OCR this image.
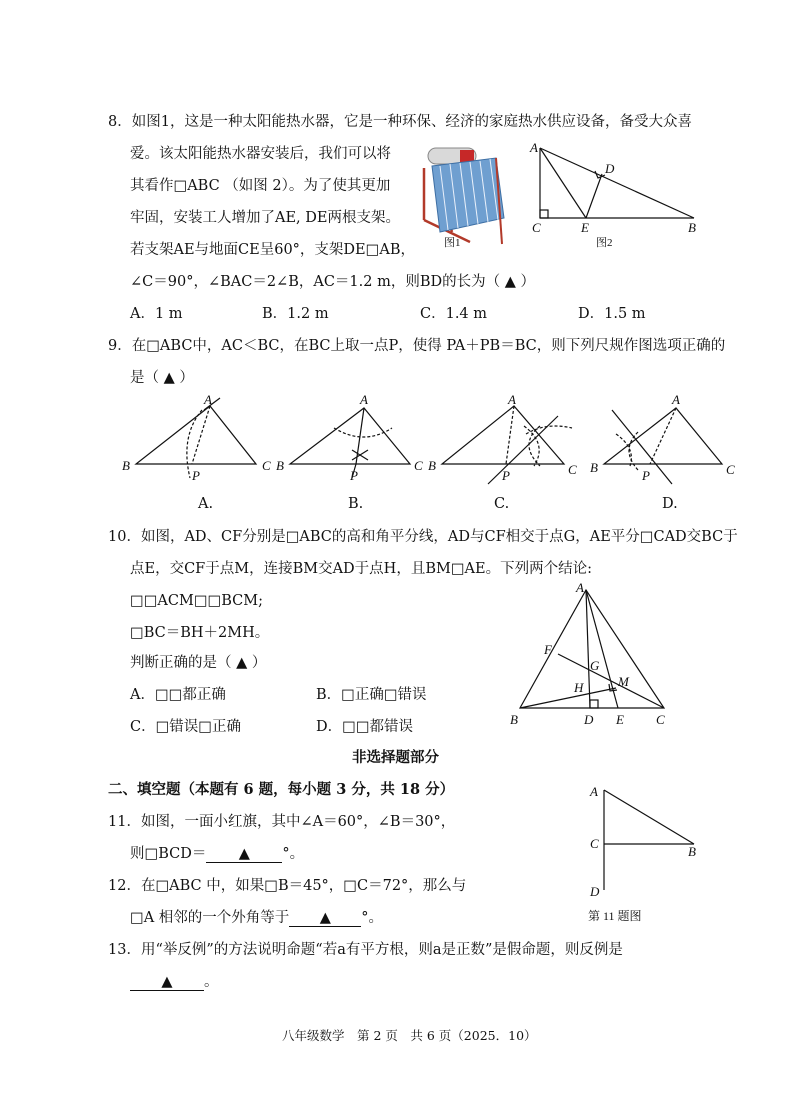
8．如图1，这是一种太阳能热水器，它是一种环保、经济的家庭热水供应设备，备受大众喜
爱。该太阳能热水器安装后，我们可以将
其看作□ABC （如图 2）。为了使其更加
牢固，安装工人增加了AE, DE两根支架。
若支架AE与地面CE呈60°，支架DE□AB，
∠C＝90°，∠BAC＝2∠B，AC＝1.2 m，则BD的长为（ ▲ ）
图1
A
D
C	E	B
图2
A．1 m	B．1.2 m	C．1.4 m	D．1.5 m
9．在□ABC中，AC＜BC，在BC上取一点P，使得 PA＋PB＝BC，则下列尺规作图选项正确的
是（ ▲ ）
A
B	C
P
A.
A
B	C
P
B.
A
B	C
P
C.
A
B	C
P
D.
10．如图，AD、CF分别是□ABC的高和角平分线，AD与CF相交于点G，AE平分□CAD交BC于
点E，交CF于点M，连接BM交AD于点H，且BM□AE。下列两个结论:
□□ACM□□BCM;
□BC＝BH＋2MH。
判断正确的是（ ▲ ）
A．□□都正确	B．□正确□错误
C．□错误□正确	D．□□都错误
A
F
G
H	M
B	D E C
非选择题部分
二、填空题（本题有 6 题，每小题 3 分，共 18 分）
11．如图，一面小红旗，其中∠A＝60°，∠B＝30°，
则□BCD＝ ▲ °。
A
C
B
D
第 11 题图
12．在□ABC 中，如果□B＝45°，□C＝72°，那么与
□A 相邻的一个外角等于 ▲ °。
13．用“举反例”的方法说明命题“若a有平方根，则a是正数”是假命题，则反例是
▲ 。
八年级数学　第 2 页　共 6 页（2025．10）
